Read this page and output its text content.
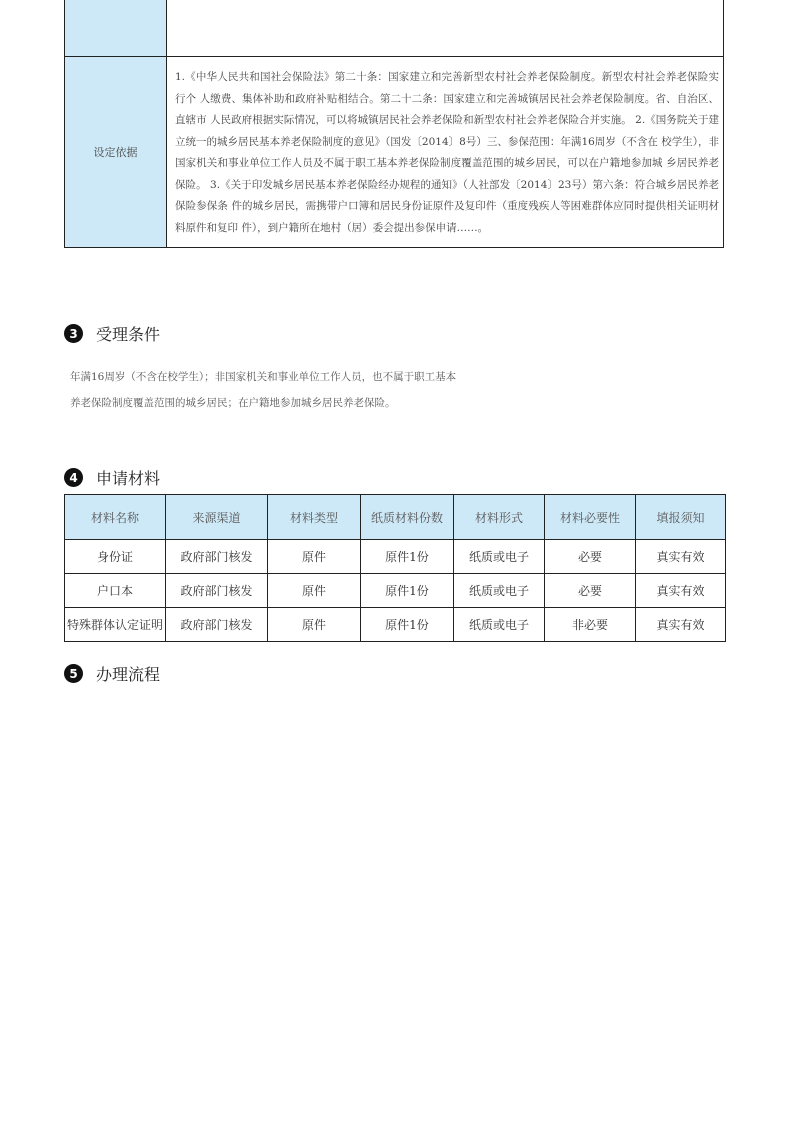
设定依据	1.《中华人民共和国社会保险法》第二十条：国家建立和完善新型农村社会养老保险制度。新型农村社会养老保险实行个 人缴费、集体补助和政府补贴相结合。第二十二条：国家建立和完善城镇居民社会养老保险制度。省、自治区、直辖市 人民政府根据实际情况，可以将城镇居民社会养老保险和新型农村社会养老保险合并实施。 2.《国务院关于建立统一的城乡居民基本养老保险制度的意见》（国发〔2014〕8号）三、参保范围：年满16周岁（不含在 校学生），非国家机关和事业单位工作人员及不属于职工基本养老保险制度覆盖范围的城乡居民，可以在户籍地参加城 乡居民养老保险。 3.《关于印发城乡居民基本养老保险经办规程的通知》（人社部发〔2014〕23号）第六条：符合城乡居民养老保险参保条 件的城乡居民，需携带户口簿和居民身份证原件及复印件（重度残疾人等困难群体应同时提供相关证明材料原件和复印 件），到户籍所在地村（居）委会提出参保申请……。
3	受理条件
年满16周岁（不含在校学生）；非国家机关和事业单位工作人员，也不属于职工基本养老保险制度覆盖范围的城乡居民；在户籍地参加城乡居民养老保险。
4	申请材料
材料名称	来源渠道	材料类型	纸质材料份数	材料形式	材料必要性	填报须知
身份证	政府部门核发	原件	原件1份	纸质或电子	必要	真实有效
户口本	政府部门核发	原件	原件1份	纸质或电子	必要	真实有效
特殊群体认定证明	政府部门核发	原件	原件1份	纸质或电子	非必要	真实有效
5	办理流程
